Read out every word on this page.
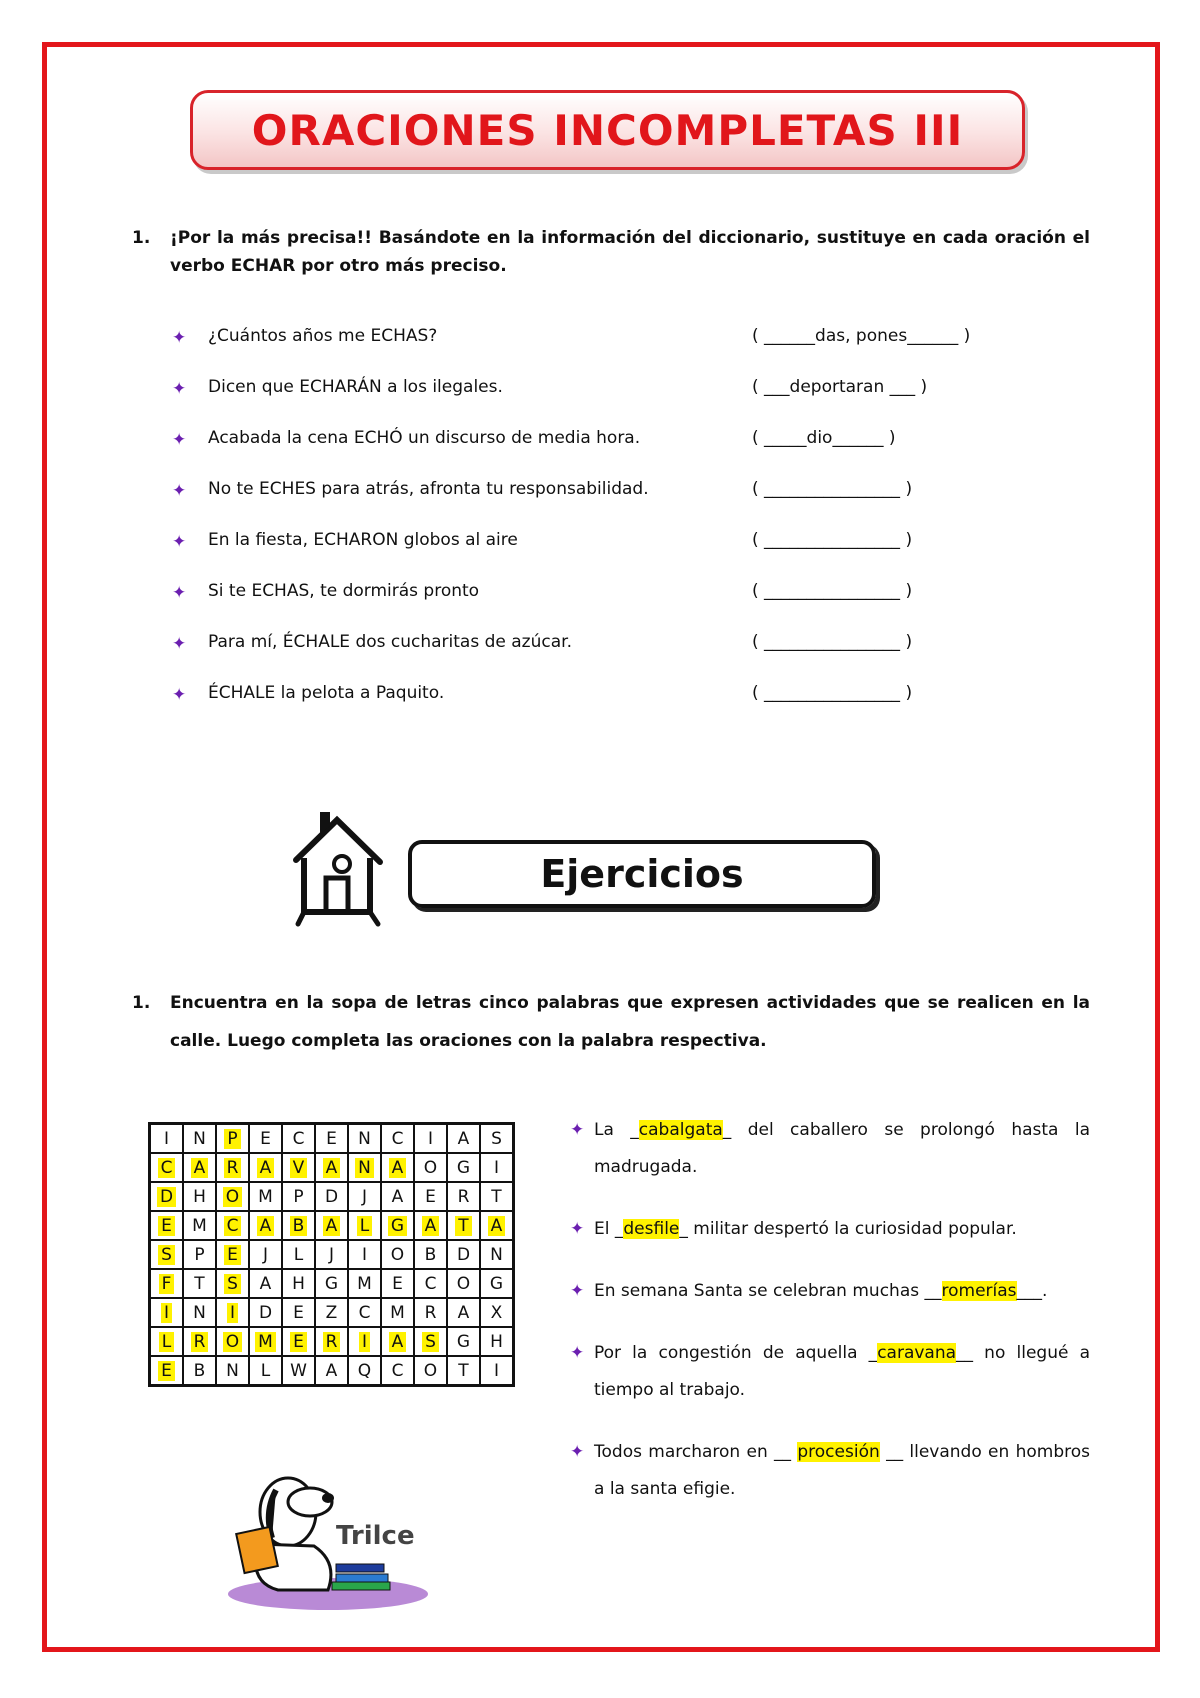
ORACIONES INCOMPLETAS III
1. ¡Por la más precisa!! Basándote en la información del diccionario, sustituye en cada oración el verbo ECHAR por otro más preciso.
✦ ¿Cuántos años me ECHAS?	( ______das, pones______ )
✦ Dicen que ECHARÁN a los ilegales.	( ___deportaran ___ )
✦ Acabada la cena ECHÓ un discurso de media hora.	( _____dio______ )
✦ No te ECHES para atrás, afronta tu responsabilidad.	( ________________ )
✦ En la fiesta, ECHARON globos al aire	( ________________ )
✦ Si te ECHAS, te dormirás pronto	( ________________ )
✦ Para mí, ÉCHALE dos cucharitas de azúcar.	( ________________ )
✦ ÉCHALE la pelota a Paquito.	( ________________ )
Ejercicios
1. Encuentra en la sopa de letras cinco palabras que expresen actividades que se realicen en la calle. Luego completa las oraciones con la palabra respectiva.
I	N	P	E	C	E	N	C	I	A	S
C	A	R	A	V	A	N	A	O	G	I
D	H	O	M	P	D	J	A	E	R	T
E	M	C	A	B	A	L	G	A	T	A
S	P	E	J	L	J	I	O	B	D	N
F	T	S	A	H	G	M	E	C	O	G
I	N	I	D	E	Z	C	M	R	A	X
L	R	O	M	E	R	I	A	S	G	H
E	B	N	L	W	A	Q	C	O	T	I
✦ La _cabalgata_ del caballero se prolongó hasta la madrugada.
✦ El _desfile_ militar despertó la curiosidad popular.
✦ En semana Santa se celebran muchas __romerías___.
✦ Por la congestión de aquella _caravana__ no llegué a tiempo al trabajo.
✦ Todos marcharon en __ procesión __ llevando en hombros a la santa efigie.
Trilce
